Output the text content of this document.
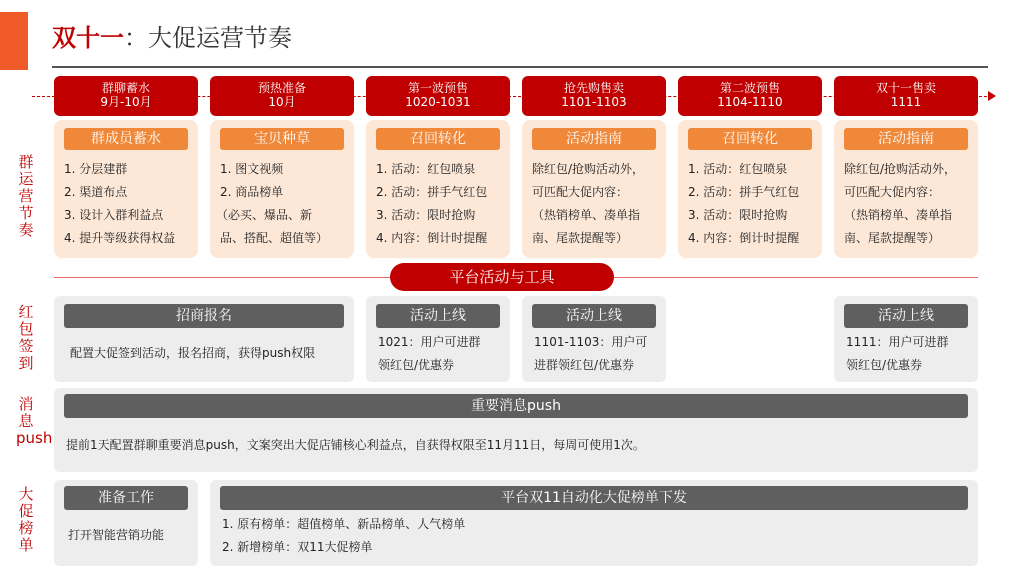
双十一：大促运营节奏
群聊蓄水
9月-10月
预热准备
10月
第一波预售
1020-1031
抢先购售卖
1101-1103
第二波预售
1104-1110
双十一售卖
1111
群运营节奏
群成员蓄水
1. 分层建群
2. 渠道布点
3. 设计入群利益点
4. 提升等级获得权益
宝贝种草
1. 图文视频
2. 商品榜单
（必买、爆品、新
品、搭配、超值等）
召回转化
1. 活动：红包喷泉
2. 活动：拼手气红包
3. 活动：限时抢购
4. 内容：倒计时提醒
活动指南
除红包/抢购活动外，
可匹配大促内容：
（热销榜单、凑单指
南、尾款提醒等）
召回转化
1. 活动：红包喷泉
2. 活动：拼手气红包
3. 活动：限时抢购
4. 内容：倒计时提醒
活动指南
除红包/抢购活动外，
可匹配大促内容：
（热销榜单、凑单指
南、尾款提醒等）
平台活动与工具
红包签到
招商报名
配置大促签到活动，报名招商，获得push权限
活动上线
1021：用户可进群
领红包/优惠券
活动上线
1101-1103：用户可
进群领红包/优惠券
活动上线
1111：用户可进群
领红包/优惠券
消息push
重要消息push
提前1天配置群聊重要消息push，文案突出大促店铺核心利益点，自获得权限至11月11日，每周可使用1次。
大促榜单
准备工作
打开智能营销功能
平台双11自动化大促榜单下发
1. 原有榜单：超值榜单、新品榜单、人气榜单
2. 新增榜单：双11大促榜单
